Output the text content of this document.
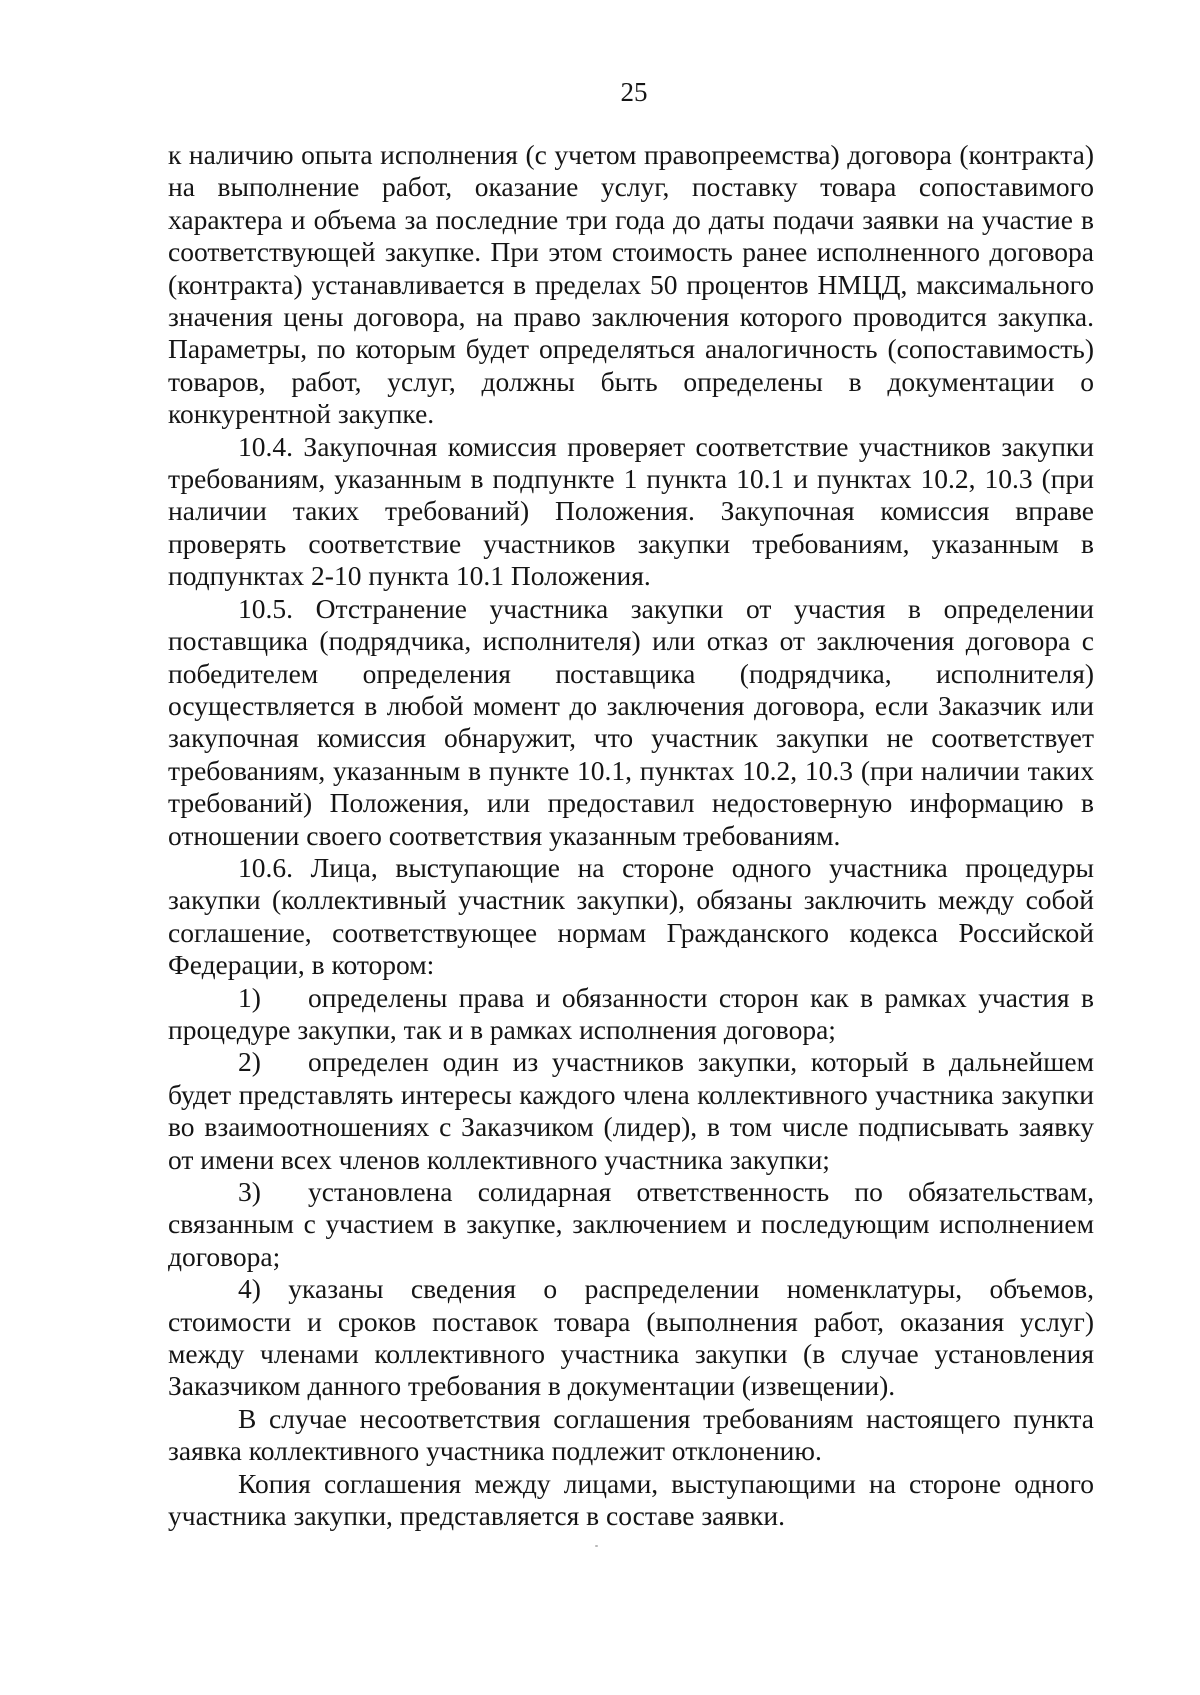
25

к наличию опыта исполнения (с учетом правопреемства) договора (контракта) на выполнение работ, оказание услуг, поставку товара сопоставимого характера и объема за последние три года до даты подачи заявки на участие в соответствующей закупке. При этом стоимость ранее исполненного договора (контракта) устанавливается в пределах 50 процентов НМЦД, максимального значения цены договора, на право заключения которого проводится закупка. Параметры, по которым будет определяться аналогичность (сопоставимость) товаров, работ, услуг, должны быть определены в документации о конкурентной закупке.

10.4. Закупочная комиссия проверяет соответствие участников закупки требованиям, указанным в подпункте 1 пункта 10.1 и пунктах 10.2, 10.3 (при наличии таких требований) Положения. Закупочная комиссия вправе проверять соответствие участников закупки требованиям, указанным в подпунктах 2-10 пункта 10.1 Положения.

10.5. Отстранение участника закупки от участия в определении поставщика (подрядчика, исполнителя) или отказ от заключения договора с победителем определения поставщика (подрядчика, исполнителя) осуществляется в любой момент до заключения договора, если Заказчик или закупочная комиссия обнаружит, что участник закупки не соответствует требованиям, указанным в пункте 10.1, пунктах 10.2, 10.3 (при наличии таких требований) Положения, или предоставил недостоверную информацию в отношении своего соответствия указанным требованиям.

10.6. Лица, выступающие на стороне одного участника процедуры закупки (коллективный участник закупки), обязаны заключить между собой соглашение, соответствующее нормам Гражданского кодекса Российской Федерации, в котором:

1) определены права и обязанности сторон как в рамках участия в процедуре закупки, так и в рамках исполнения договора;

2) определен один из участников закупки, который в дальнейшем будет представлять интересы каждого члена коллективного участника закупки во взаимоотношениях с Заказчиком (лидер), в том числе подписывать заявку от имени всех членов коллективного участника закупки;

3) установлена солидарная ответственность по обязательствам, связанным с участием в закупке, заключением и последующим исполнением договора;

4) указаны сведения о распределении номенклатуры, объемов, стоимости и сроков поставок товара (выполнения работ, оказания услуг) между членами коллективного участника закупки (в случае установления Заказчиком данного требования в документации (извещении).

В случае несоответствия соглашения требованиям настоящего пункта заявка коллективного участника подлежит отклонению.

Копия соглашения между лицами, выступающими на стороне одного участника закупки, представляется в составе заявки.
